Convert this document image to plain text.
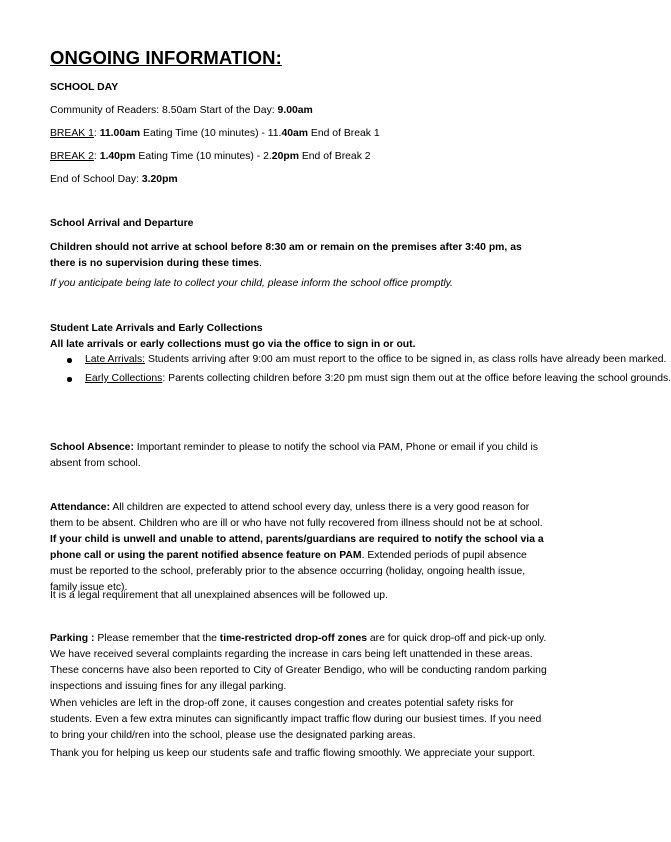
ONGOING INFORMATION:
SCHOOL DAY
Community of Readers: 8.50am Start of the Day: 9.00am
BREAK 1: 11.00am Eating Time (10 minutes) - 11.40am End of Break 1
BREAK 2: 1.40pm Eating Time (10 minutes) - 2.20pm End of Break 2
End of School Day: 3.20pm
School Arrival and Departure
Children should not arrive at school before 8:30 am or remain on the premises after 3:40 pm, as there is no supervision during these times.
If you anticipate being late to collect your child, please inform the school office promptly.
Student Late Arrivals and Early Collections
All late arrivals or early collections must go via the office to sign in or out.
Late Arrivals: Students arriving after 9:00 am must report to the office to be signed in, as class rolls have already been marked.
Early Collections: Parents collecting children before 3:20 pm must sign them out at the office before leaving the school grounds.
School Absence: Important reminder to please to notify the school via PAM, Phone or email if you child is absent from school.
Attendance: All children are expected to attend school every day, unless there is a very good reason for them to be absent. Children who are ill or who have not fully recovered from illness should not be at school. If your child is unwell and unable to attend, parents/guardians are required to notify the school via a phone call or using the parent notified absence feature on PAM. Extended periods of pupil absence must be reported to the school, preferably prior to the absence occurring (holiday, ongoing health issue, family issue etc).
It is a legal requirement that all unexplained absences will be followed up.
Parking : Please remember that the time-restricted drop-off zones are for quick drop-off and pick-up only. We have received several complaints regarding the increase in cars being left unattended in these areas. These concerns have also been reported to City of Greater Bendigo, who will be conducting random parking inspections and issuing fines for any illegal parking.
When vehicles are left in the drop-off zone, it causes congestion and creates potential safety risks for students. Even a few extra minutes can significantly impact traffic flow during our busiest times. If you need to bring your child/ren into the school, please use the designated parking areas.
Thank you for helping us keep our students safe and traffic flowing smoothly. We appreciate your support.
